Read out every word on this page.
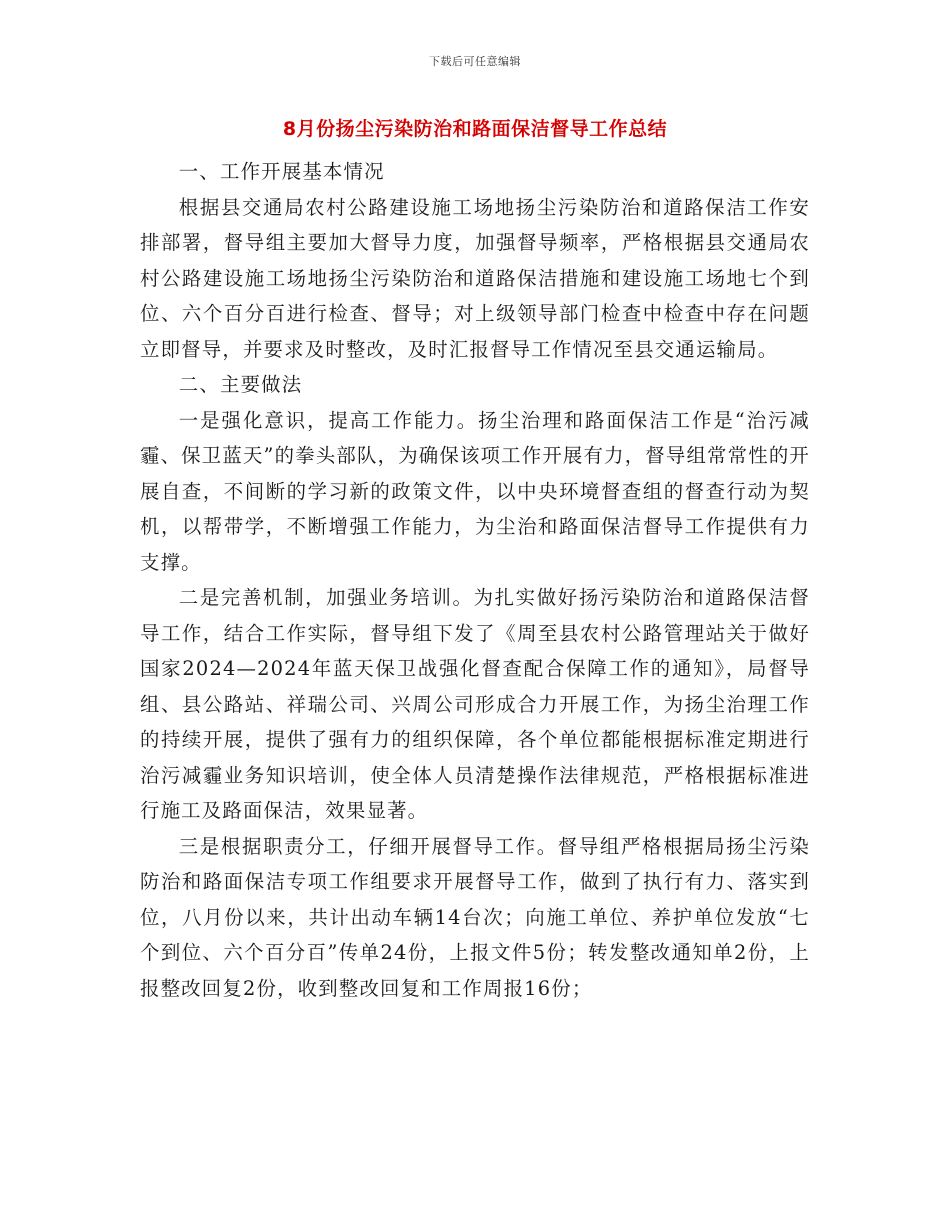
下载后可任意编辑
8月份扬尘污染防治和路面保洁督导工作总结

一、工作开展基本情况

根据县交通局农村公路建设施工场地扬尘污染防治和道路保洁工作安排部署，督导组主要加大督导力度，加强督导频率，严格根据县交通局农村公路建设施工场地扬尘污染防治和道路保洁措施和建设施工场地七个到位、六个百分百进行检查、督导；对上级领导部门检查中检查中存在问题立即督导，并要求及时整改，及时汇报督导工作情况至县交通运输局。

二、主要做法

一是强化意识，提高工作能力。扬尘治理和路面保洁工作是“治污减霾、保卫蓝天”的拳头部队，为确保该项工作开展有力，督导组常常性的开展自查，不间断的学习新的政策文件，以中央环境督查组的督查行动为契机，以帮带学，不断增强工作能力，为尘治和路面保洁督导工作提供有力支撑。

二是完善机制，加强业务培训。为扎实做好扬污染防治和道路保洁督导工作，结合工作实际，督导组下发了《周至县农村公路管理站关于做好国家2024—2024年蓝天保卫战强化督查配合保障工作的通知》，局督导组、县公路站、祥瑞公司、兴周公司形成合力开展工作，为扬尘治理工作的持续开展，提供了强有力的组织保障，各个单位都能根据标准定期进行治污减霾业务知识培训，使全体人员清楚操作法律规范，严格根据标准进行施工及路面保洁，效果显著。

三是根据职责分工，仔细开展督导工作。督导组严格根据局扬尘污染防治和路面保洁专项工作组要求开展督导工作，做到了执行有力、落实到位，八月份以来，共计出动车辆14台次；向施工单位、养护单位发放“七个到位、六个百分百”传单24份，上报文件5份；转发整改通知单2份，上报整改回复2份，收到整改回复和工作周报16份；
